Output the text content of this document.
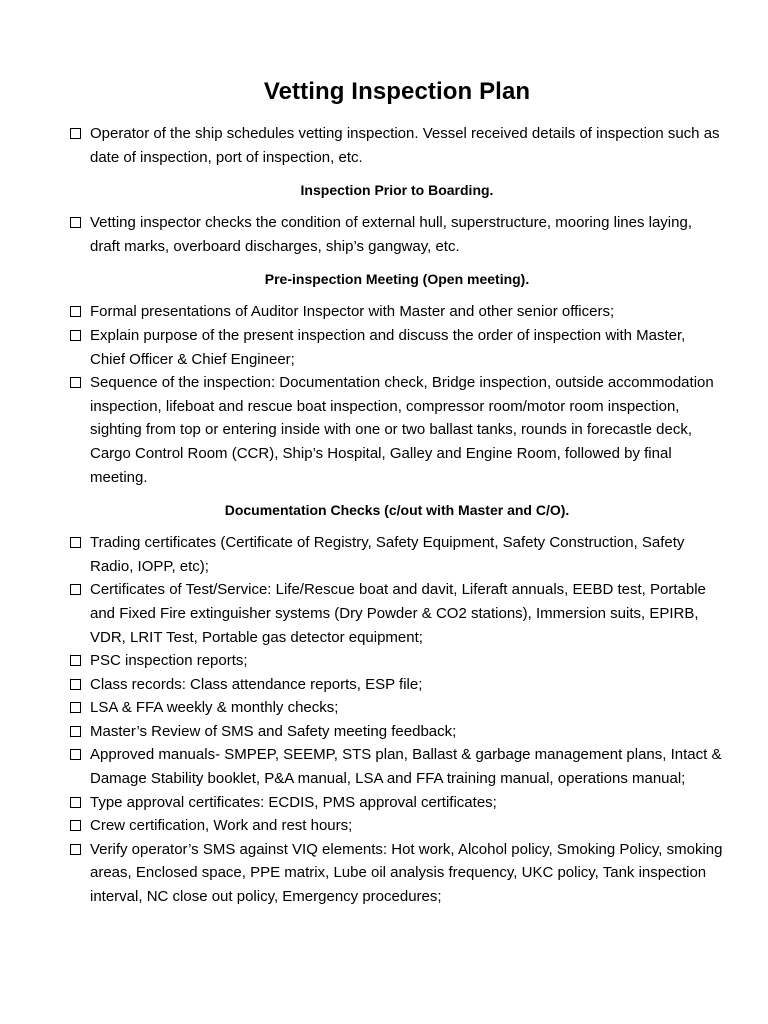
Vetting Inspection Plan
Operator of the ship schedules vetting inspection. Vessel received details of inspection such as date of inspection, port of inspection, etc.
Inspection Prior to Boarding.
Vetting inspector checks the condition of external hull, superstructure, mooring lines laying, draft marks, overboard discharges, ship’s gangway, etc.
Pre-inspection Meeting (Open meeting).
Formal presentations of Auditor Inspector with Master and other senior officers;
Explain purpose of the present inspection and discuss the order of inspection with Master, Chief Officer & Chief Engineer;
Sequence of the inspection: Documentation check, Bridge inspection, outside accommodation inspection, lifeboat and rescue boat inspection, compressor room/motor room inspection, sighting from top or entering inside with one or two ballast tanks, rounds in forecastle deck, Cargo Control Room (CCR), Ship’s Hospital, Galley and Engine Room, followed by final meeting.
Documentation Checks (c/out with Master and C/O).
Trading certificates (Certificate of Registry, Safety Equipment, Safety Construction, Safety Radio, IOPP, etc);
Certificates of Test/Service: Life/Rescue boat and davit, Liferaft annuals, EEBD test, Portable and Fixed Fire extinguisher systems (Dry Powder & CO2 stations), Immersion suits, EPIRB, VDR, LRIT Test, Portable gas detector equipment;
PSC inspection reports;
Class records: Class attendance reports, ESP file;
LSA & FFA weekly & monthly checks;
Master’s Review of SMS and Safety meeting feedback;
Approved manuals- SMPEP, SEEMP, STS plan, Ballast & garbage management plans, Intact & Damage Stability booklet, P&A manual, LSA and FFA training manual, operations manual;
Type approval certificates: ECDIS, PMS approval certificates;
Crew certification, Work and rest hours;
Verify operator’s SMS against VIQ elements: Hot work, Alcohol policy, Smoking Policy, smoking areas, Enclosed space, PPE matrix, Lube oil analysis frequency, UKC policy, Tank inspection interval, NC close out policy, Emergency procedures;
